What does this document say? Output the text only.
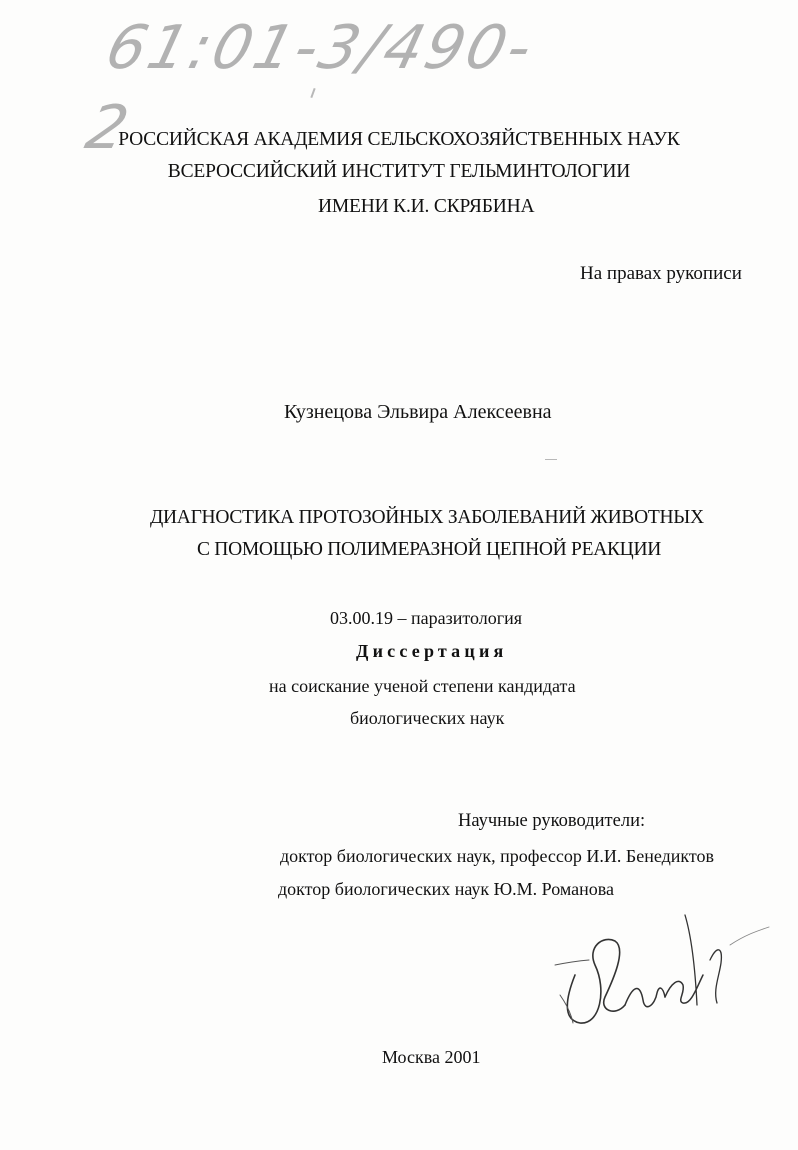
61:01-3/490-2
РОССИЙСКАЯ АКАДЕМИЯ СЕЛЬСКОХОЗЯЙСТВЕННЫХ НАУК
ВСЕРОССИЙСКИЙ ИНСТИТУТ ГЕЛЬМИНТОЛОГИИ
ИМЕНИ К.И. СКРЯБИНА
На правах рукописи
Кузнецова Эльвира Алексеевна
ДИАГНОСТИКА ПРОТОЗОЙНЫХ ЗАБОЛЕВАНИЙ ЖИВОТНЫХ
С ПОМОЩЬЮ ПОЛИМЕРАЗНОЙ ЦЕПНОЙ РЕАКЦИИ
03.00.19 – паразитология
Диссертация
на соискание ученой степени кандидата
биологических наук
Научные руководители:
доктор биологических наук, профессор И.И. Бенедиктов
доктор биологических наук Ю.М. Романова
Москва 2001
